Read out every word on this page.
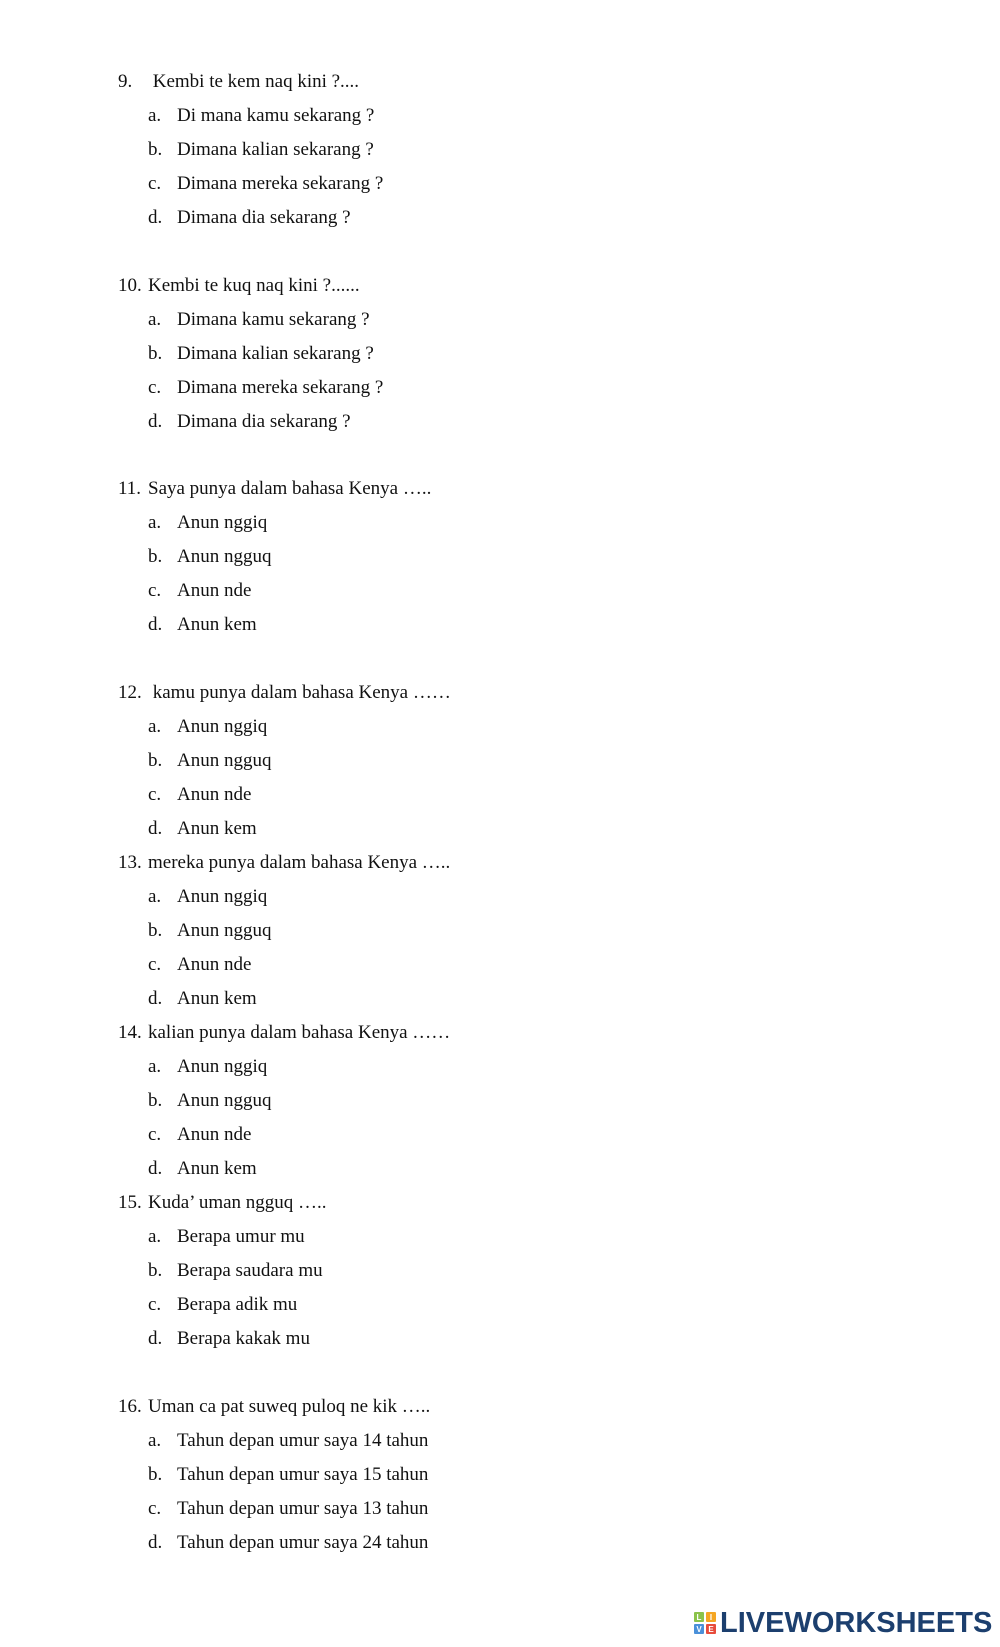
9. Kembi te kem naq kini ?....
a. Di mana kamu sekarang ?
b. Dimana kalian sekarang ?
c. Dimana mereka sekarang ?
d. Dimana dia sekarang ?
10. Kembi te kuq naq kini ?......
a. Dimana kamu sekarang ?
b. Dimana kalian sekarang ?
c. Dimana mereka sekarang ?
d. Dimana dia sekarang ?
11. Saya punya dalam bahasa Kenya …..
a. Anun nggiq
b. Anun ngguq
c. Anun nde
d. Anun kem
12. kamu punya dalam bahasa Kenya ……
a. Anun nggiq
b. Anun ngguq
c. Anun nde
d. Anun kem
13. mereka punya dalam bahasa Kenya …..
a. Anun nggiq
b. Anun ngguq
c. Anun nde
d. Anun kem
14. kalian punya dalam bahasa Kenya ……
a. Anun nggiq
b. Anun ngguq
c. Anun nde
d. Anun kem
15. Kuda’ uman ngguq …..
a. Berapa umur mu
b. Berapa saudara mu
c. Berapa adik mu
d. Berapa kakak mu
16. Uman ca pat suweq puloq ne kik …..
a. Tahun depan umur saya 14 tahun
b. Tahun depan umur saya 15 tahun
c. Tahun depan umur saya 13 tahun
d. Tahun depan umur saya 24 tahun
L	I
V E LIVEWORKSHEETS
